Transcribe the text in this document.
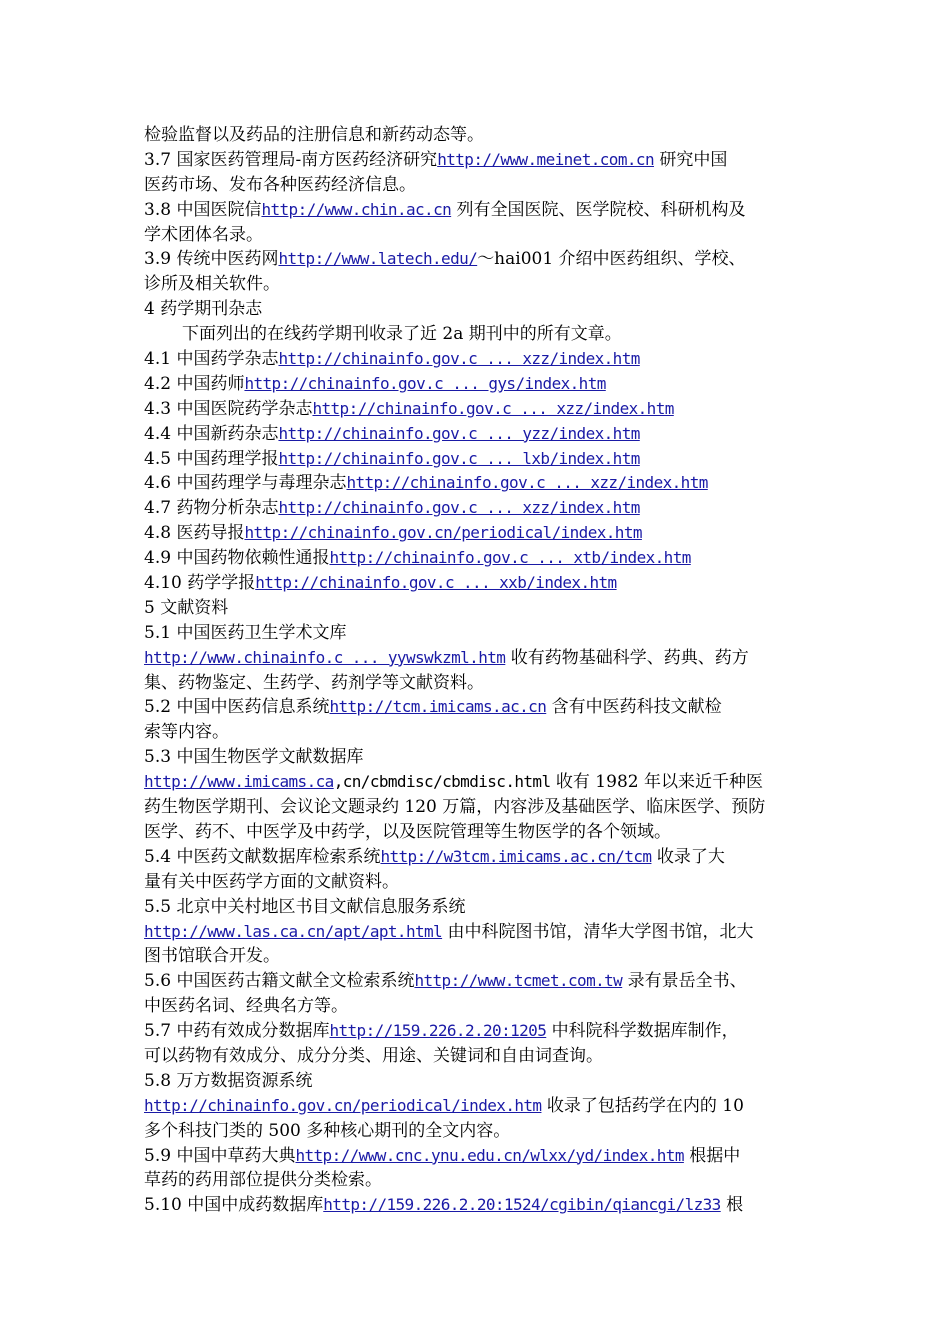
检验监督以及药品的注册信息和新药动态等。
3.7 国家医药管理局-南方医药经济研究http://www.meinet.com.cn 研究中国
医药市场、发布各种医药经济信息。
3.8 中国医院信http://www.chin.ac.cn 列有全国医院、医学院校、科研机构及
学术团体名录。
3.9 传统中医药网http://www.latech.edu/～hai001 介绍中医药组织、学校、
诊所及相关软件。
4 药学期刊杂志
下面列出的在线药学期刊收录了近 2a 期刊中的所有文章。
4.1 中国药学杂志http://chinainfo.gov.c ... xzz/index.htm
4.2 中国药师http://chinainfo.gov.c ... gys/index.htm
4.3 中国医院药学杂志http://chinainfo.gov.c ... xzz/index.htm
4.4 中国新药杂志http://chinainfo.gov.c ... yzz/index.htm
4.5 中国药理学报http://chinainfo.gov.c ... lxb/index.htm
4.6 中国药理学与毒理杂志http://chinainfo.gov.c ... xzz/index.htm
4.7 药物分析杂志http://chinainfo.gov.c ... xzz/index.htm
4.8 医药导报http://chinainfo.gov.cn/periodical/index.htm
4.9 中国药物依赖性通报http://chinainfo.gov.c ... xtb/index.htm
4.10 药学学报http://chinainfo.gov.c ... xxb/index.htm
5 文献资料
5.1 中国医药卫生学术文库
http://www.chinainfo.c ... yywswkzml.htm 收有药物基础科学、药典、药方
集、药物鉴定、生药学、药剂学等文献资料。
5.2 中国中医药信息系统http://tcm.imicams.ac.cn 含有中医药科技文献检
索等内容。
5.3 中国生物医学文献数据库
http://www.imicams.ca,cn/cbmdisc/cbmdisc.html 收有 1982 年以来近千种医
药生物医学期刊、会议论文题录约 120 万篇，内容涉及基础医学、临床医学、预防
医学、药不、中医学及中药学，以及医院管理等生物医学的各个领域。
5.4 中医药文献数据库检索系统http://w3tcm.imicams.ac.cn/tcm 收录了大
量有关中医药学方面的文献资料。
5.5 北京中关村地区书目文献信息服务系统
http://www.las.ca.cn/apt/apt.html 由中科院图书馆，清华大学图书馆，北大
图书馆联合开发。
5.6 中国医药古籍文献全文检索系统http://www.tcmet.com.tw 录有景岳全书、
中医药名词、经典名方等。
5.7 中药有效成分数据库http://159.226.2.20:1205 中科院科学数据库制作，
可以药物有效成分、成分分类、用途、关键词和自由词查询。
5.8 万方数据资源系统
http://chinainfo.gov.cn/periodical/index.htm 收录了包括药学在内的 10
多个科技门类的 500 多种核心期刊的全文内容。
5.9 中国中草药大典http://www.cnc.ynu.edu.cn/wlxx/yd/index.htm 根据中
草药的药用部位提供分类检索。
5.10 中国中成药数据库http://159.226.2.20:1524/cgibin/qiancgi/lz33 根
